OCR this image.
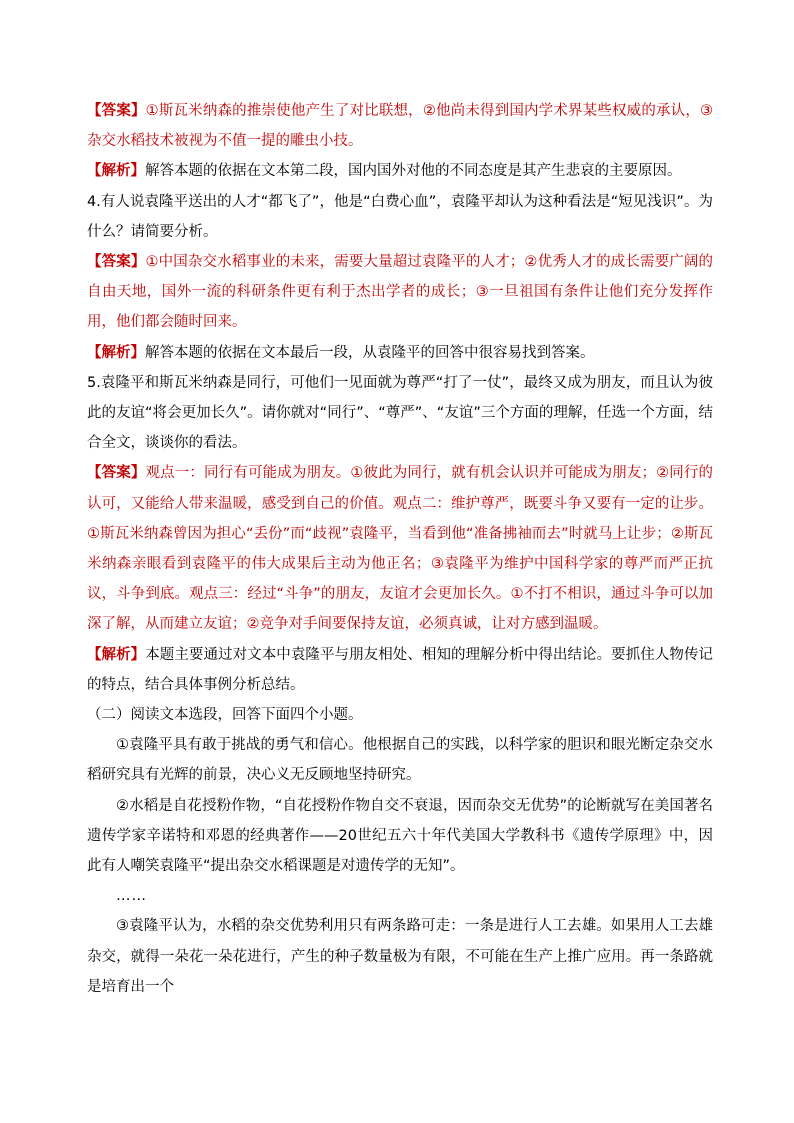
【答案】①斯瓦米纳森的推崇使他产生了对比联想，②他尚未得到国内学术界某些权威的承认，③杂交水稻技术被视为不值一提的雕虫小技。

【解析】解答本题的依据在文本第二段，国内国外对他的不同态度是其产生悲哀的主要原因。

4.有人说袁隆平送出的人才“都飞了”，他是“白费心血”，袁隆平却认为这种看法是“短见浅识”。为什么？请简要分析。

【答案】①中国杂交水稻事业的未来，需要大量超过袁隆平的人才；②优秀人才的成长需要广阔的自由天地，国外一流的科研条件更有利于杰出学者的成长；③一旦祖国有条件让他们充分发挥作用，他们都会随时回来。

【解析】解答本题的依据在文本最后一段，从袁隆平的回答中很容易找到答案。

5.袁隆平和斯瓦米纳森是同行，可他们一见面就为尊严“打了一仗”，最终又成为朋友，而且认为彼此的友谊“将会更加长久”。请你就对“同行”、“尊严”、“友谊”三个方面的理解，任选一个方面，结合全文，谈谈你的看法。

【答案】观点一：同行有可能成为朋友。①彼此为同行，就有机会认识并可能成为朋友；②同行的认可，又能给人带来温暖，感受到自己的价值。观点二：维护尊严，既要斗争又要有一定的让步。①斯瓦米纳森曾因为担心“丢份”而“歧视”袁隆平，当看到他“准备拂袖而去”时就马上让步；②斯瓦米纳森亲眼看到袁隆平的伟大成果后主动为他正名；③袁隆平为维护中国科学家的尊严而严正抗议，斗争到底。观点三：经过“斗争”的朋友，友谊才会更加长久。①不打不相识，通过斗争可以加深了解，从而建立友谊；②竞争对手间要保持友谊，必须真诚，让对方感到温暖。

【解析】本题主要通过对文本中袁隆平与朋友相处、相知的理解分析中得出结论。要抓住人物传记的特点，结合具体事例分析总结。

（二）阅读文本选段，回答下面四个小题。

①袁隆平具有敢于挑战的勇气和信心。他根据自己的实践，以科学家的胆识和眼光断定杂交水稻研究具有光辉的前景，决心义无反顾地坚持研究。

②水稻是自花授粉作物，“自花授粉作物自交不衰退，因而杂交无优势”的论断就写在美国著名遗传学家辛诺特和邓恩的经典著作——20世纪五六十年代美国大学教科书《遗传学原理》中，因此有人嘲笑袁隆平“提出杂交水稻课题是对遗传学的无知”。

……

③袁隆平认为，水稻的杂交优势利用只有两条路可走：一条是进行人工去雄。如果用人工去雄杂交，就得一朵花一朵花进行，产生的种子数量极为有限，不可能在生产上推广应用。再一条路就是培育出一个
